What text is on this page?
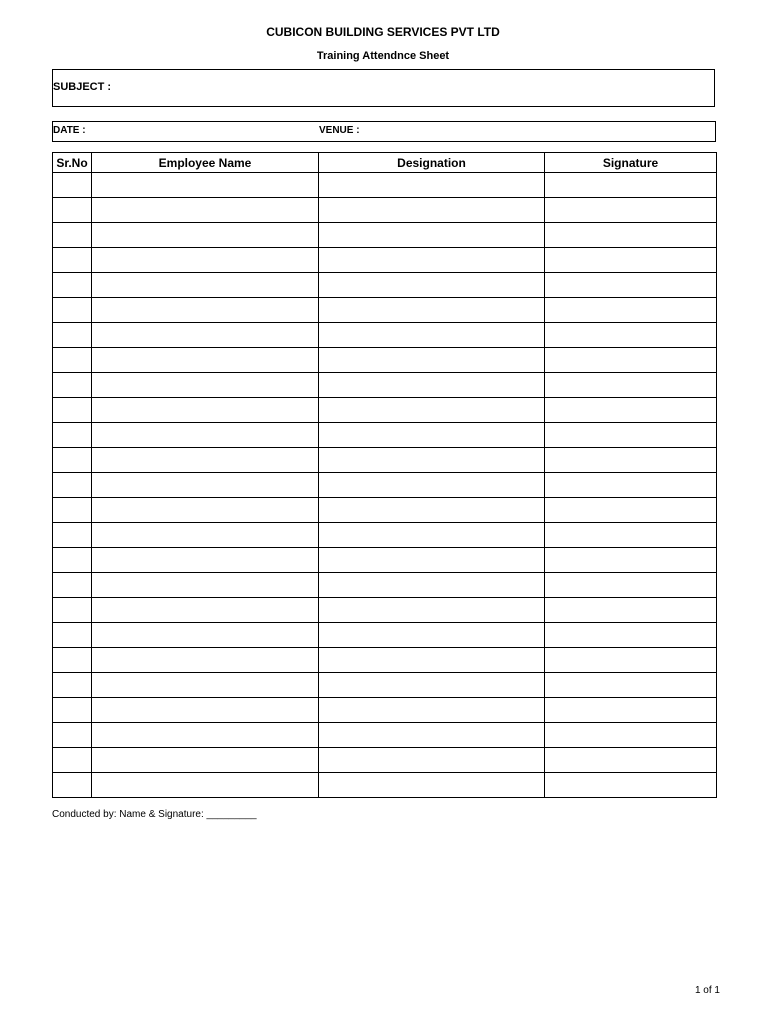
CUBICON BUILDING SERVICES PVT LTD
Training Attendnce Sheet
SUBJECT :
DATE :	VENUE :
Sr.No	Employee Name	Designation	Signature

Conducted by: Name & Signature: _________
1 of 1
